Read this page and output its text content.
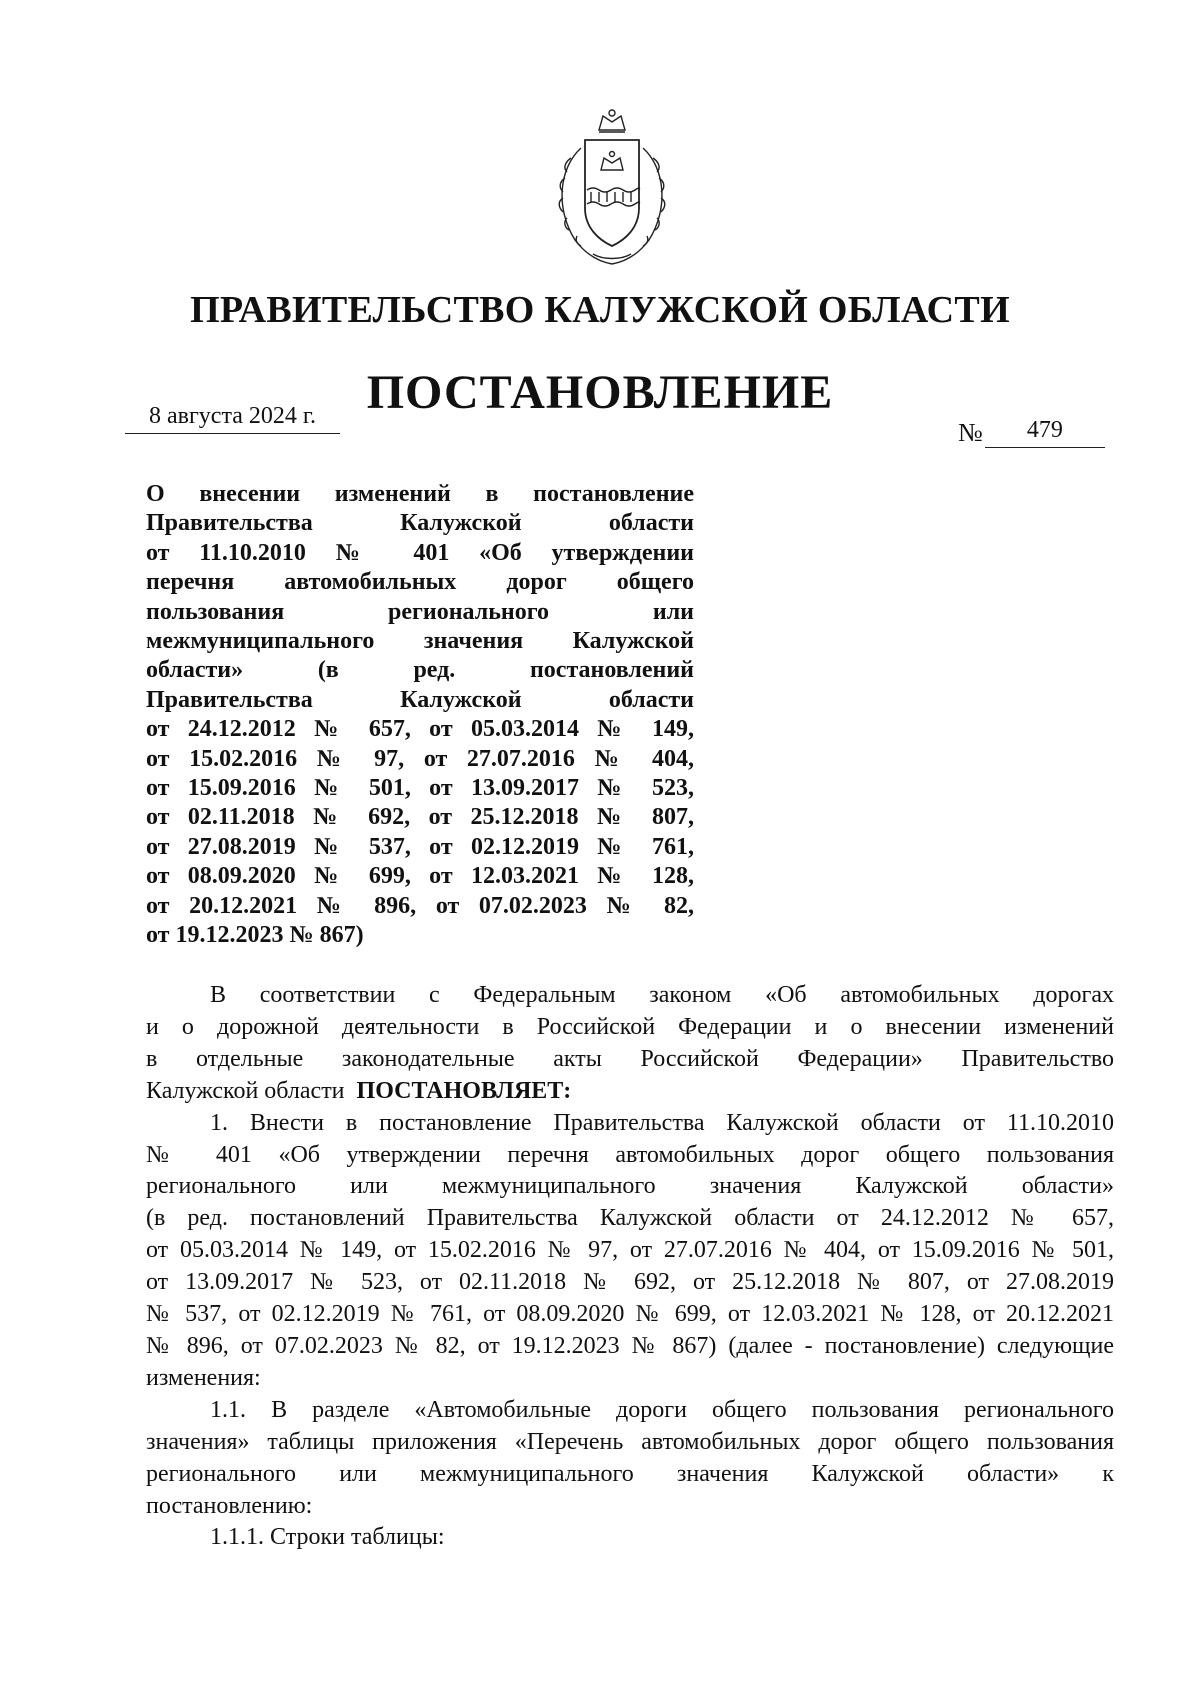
ПРАВИТЕЛЬСТВО КАЛУЖСКОЙ ОБЛАСТИ
ПОСТАНОВЛЕНИЕ
8 августа 2024 г.
№	479
О внесении изменений в постановление
Правительства Калужской области
от 11.10.2010 № 401 «Об утверждении
перечня автомобильных дорог общего
пользования регионального или
межмуниципального значения Калужской
области» (в ред. постановлений
Правительства Калужской области
от 24.12.2012 № 657, от 05.03.2014 № 149,
от 15.02.2016 № 97, от 27.07.2016 № 404,
от 15.09.2016 № 501, от 13.09.2017 № 523,
от 02.11.2018 № 692, от 25.12.2018 № 807,
от 27.08.2019 № 537, от 02.12.2019 № 761,
от 08.09.2020 № 699, от 12.03.2021 № 128,
от 20.12.2021 № 896, от 07.02.2023 № 82,
от 19.12.2023 № 867)
В соответствии с Федеральным законом «Об автомобильных дорогах
и о дорожной деятельности в Российской Федерации и о внесении изменений
в отдельные законодательные акты Российской Федерации» Правительство
Калужской области ПОСТАНОВЛЯЕТ:
1. Внести в постановление Правительства Калужской области от 11.10.2010
№ 401 «Об утверждении перечня автомобильных дорог общего пользования
регионального или межмуниципального значения Калужской области»
(в ред. постановлений Правительства Калужской области от 24.12.2012 № 657,
от 05.03.2014 № 149, от 15.02.2016 № 97, от 27.07.2016 № 404, от 15.09.2016 № 501,
от 13.09.2017 № 523, от 02.11.2018 № 692, от 25.12.2018 № 807, от 27.08.2019
№ 537, от 02.12.2019 № 761, от 08.09.2020 № 699, от 12.03.2021 № 128, от 20.12.2021
№ 896, от 07.02.2023 № 82, от 19.12.2023 № 867) (далее - постановление) следующие
изменения:
1.1. В разделе «Автомобильные дороги общего пользования регионального
значения» таблицы приложения «Перечень автомобильных дорог общего пользования
регионального или межмуниципального значения Калужской области» к
постановлению:
1.1.1. Строки таблицы:
